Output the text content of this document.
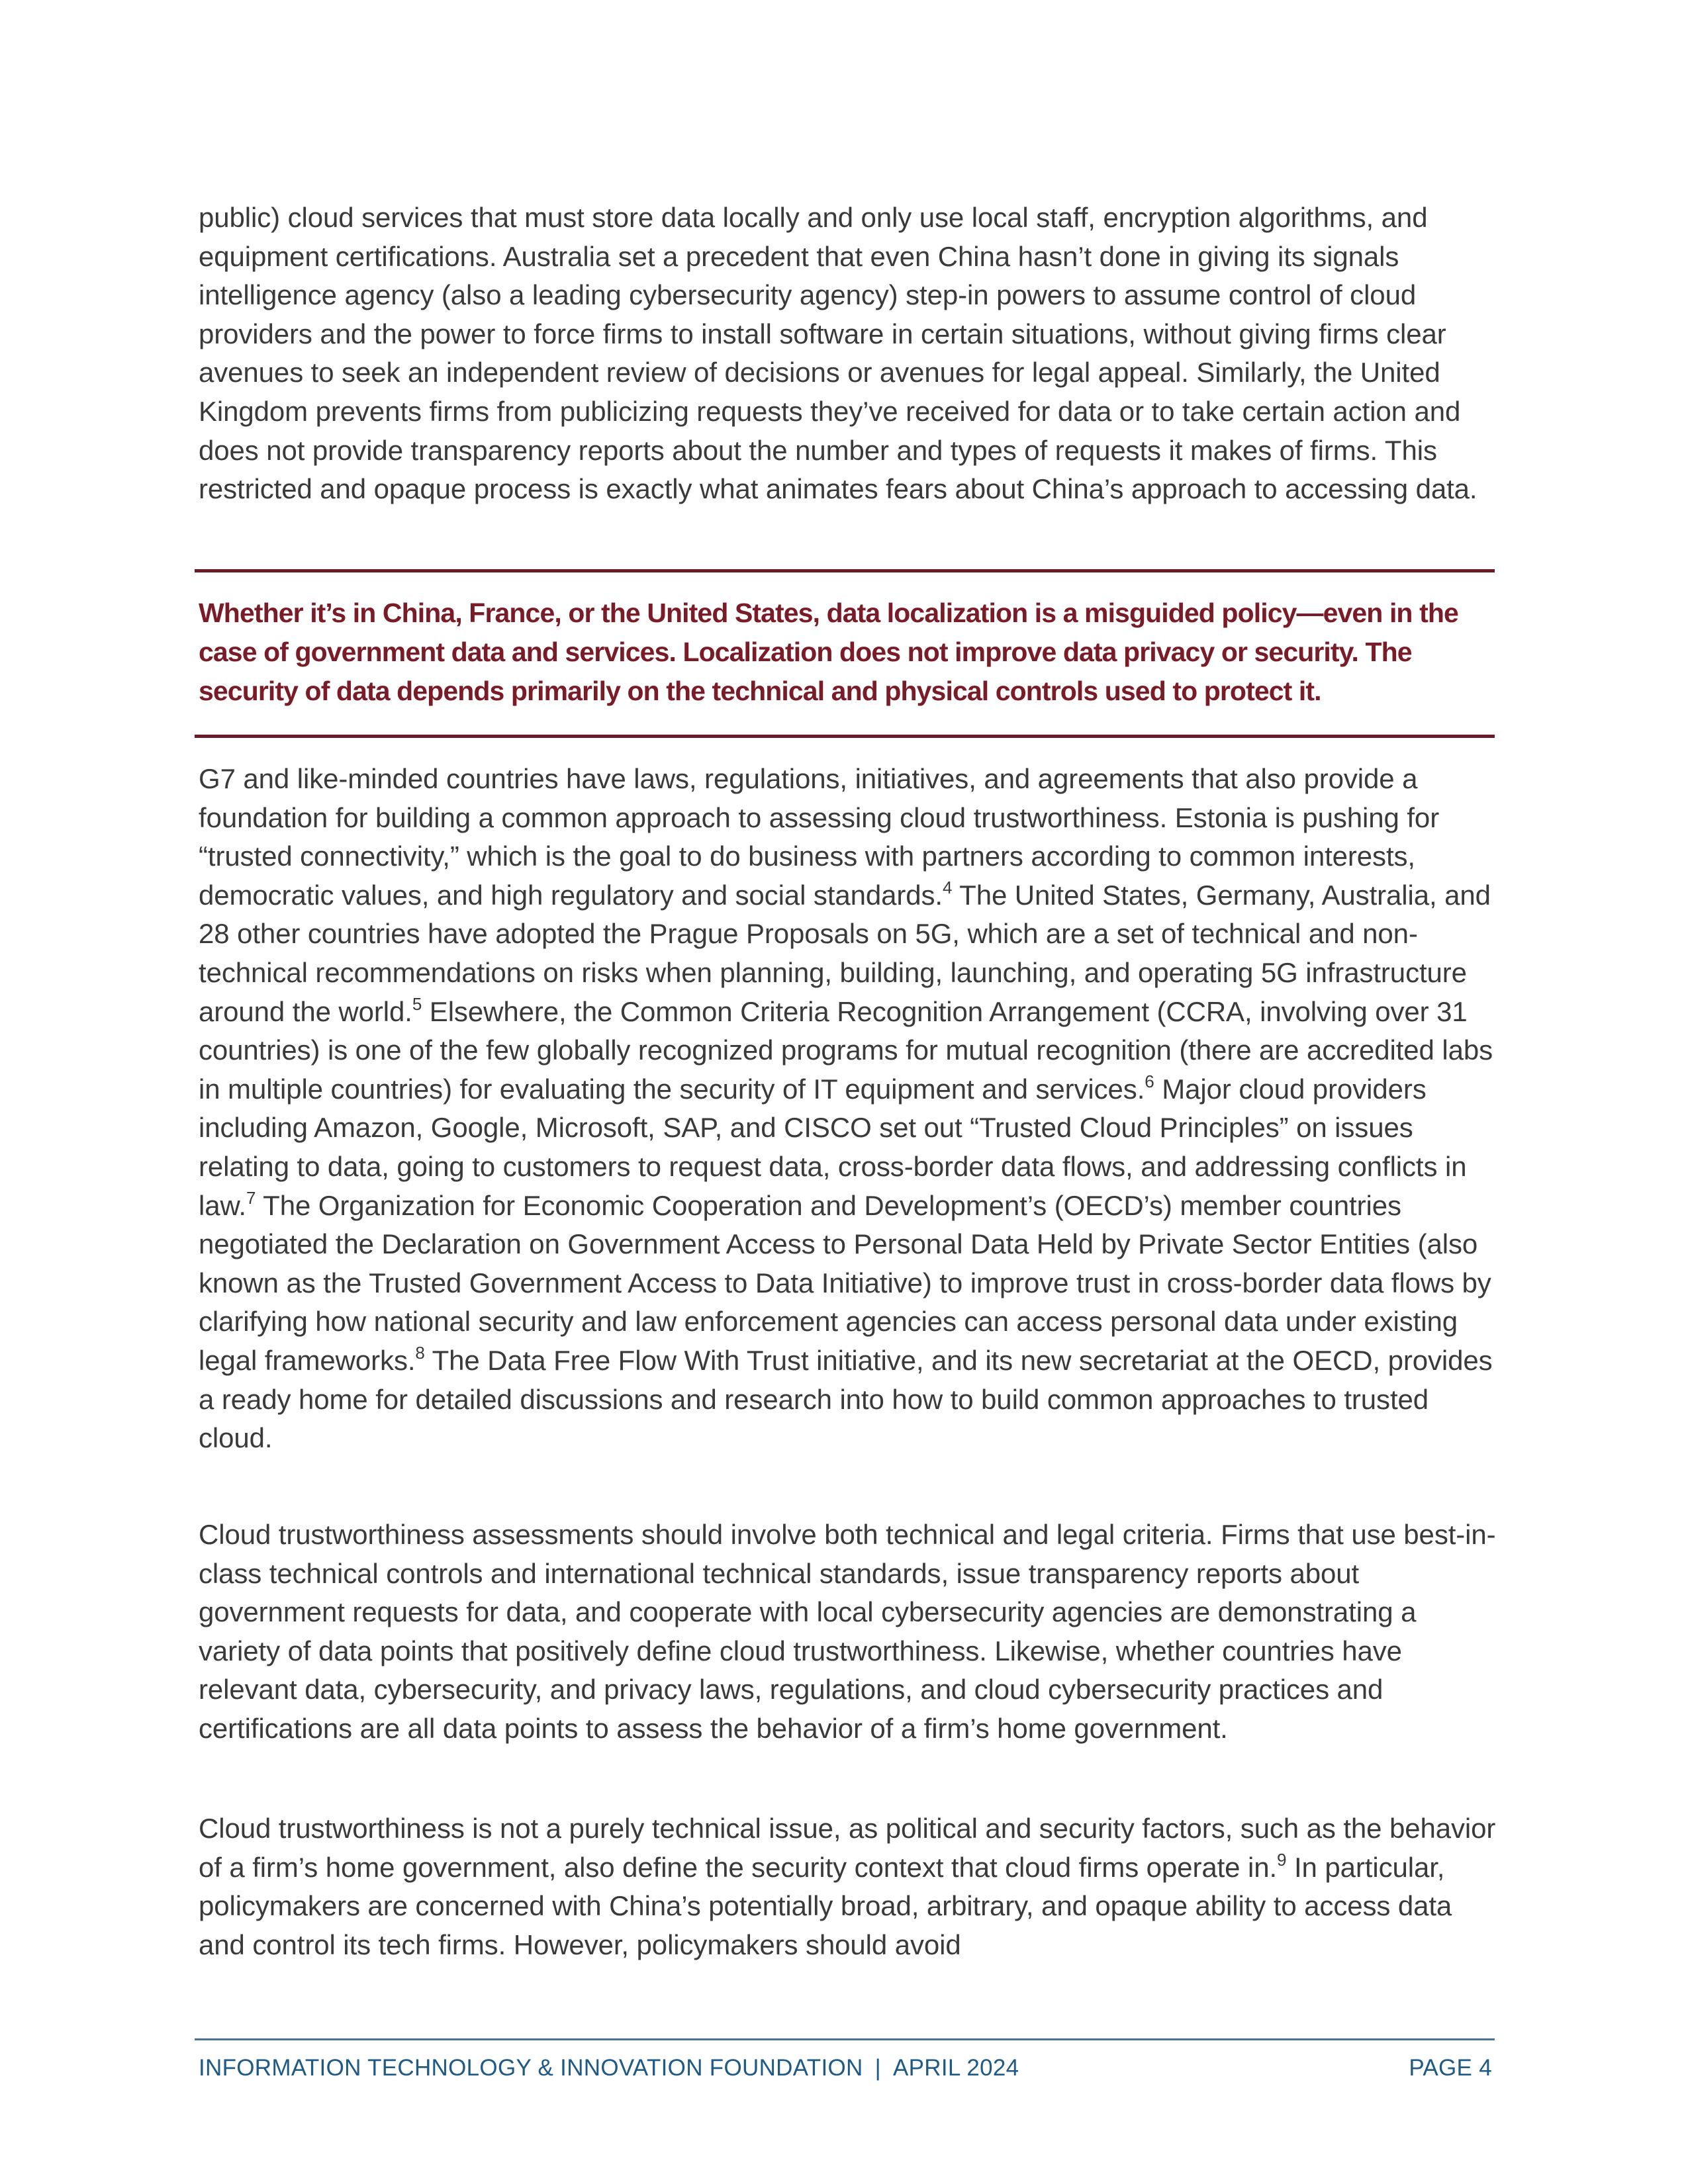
public) cloud services that must store data locally and only use local staff, encryption algorithms, and equipment certifications. Australia set a precedent that even China hasn’t done in giving its signals intelligence agency (also a leading cybersecurity agency) step-in powers to assume control of cloud providers and the power to force firms to install software in certain situations, without giving firms clear avenues to seek an independent review of decisions or avenues for legal appeal. Similarly, the United Kingdom prevents firms from publicizing requests they’ve received for data or to take certain action and does not provide transparency reports about the number and types of requests it makes of firms. This restricted and opaque process is exactly what animates fears about China’s approach to accessing data.

Whether it’s in China, France, or the United States, data localization is a misguided policy—even in the case of government data and services. Localization does not improve data privacy or security. The security of data depends primarily on the technical and physical controls used to protect it.

G7 and like-minded countries have laws, regulations, initiatives, and agreements that also provide a foundation for building a common approach to assessing cloud trustworthiness. Estonia is pushing for “trusted connectivity,” which is the goal to do business with partners according to common interests, democratic values, and high regulatory and social standards.$^4$ The United States, Germany, Australia, and 28 other countries have adopted the Prague Proposals on 5G, which are a set of technical and non-technical recommendations on risks when planning, building, launching, and operating 5G infrastructure around the world.$^5$ Elsewhere, the Common Criteria Recognition Arrangement (CCRA, involving over 31 countries) is one of the few globally recognized programs for mutual recognition (there are accredited labs in multiple countries) for evaluating the security of IT equipment and services.$^6$ Major cloud providers including Amazon, Google, Microsoft, SAP, and CISCO set out “Trusted Cloud Principles” on issues relating to data, going to customers to request data, cross-border data flows, and addressing conflicts in law.$^7$ The Organization for Economic Cooperation and Development’s (OECD’s) member countries negotiated the Declaration on Government Access to Personal Data Held by Private Sector Entities (also known as the Trusted Government Access to Data Initiative) to improve trust in cross-border data flows by clarifying how national security and law enforcement agencies can access personal data under existing legal frameworks.$^8$ The Data Free Flow With Trust initiative, and its new secretariat at the OECD, provides a ready home for detailed discussions and research into how to build common approaches to trusted cloud.

Cloud trustworthiness assessments should involve both technical and legal criteria. Firms that use best-in-class technical controls and international technical standards, issue transparency reports about government requests for data, and cooperate with local cybersecurity agencies are demonstrating a variety of data points that positively define cloud trustworthiness. Likewise, whether countries have relevant data, cybersecurity, and privacy laws, regulations, and cloud cybersecurity practices and certifications are all data points to assess the behavior of a firm’s home government.

Cloud trustworthiness is not a purely technical issue, as political and security factors, such as the behavior of a firm’s home government, also define the security context that cloud firms operate in.$^9$ In particular, policymakers are concerned with China’s potentially broad, arbitrary, and opaque ability to access data and control its tech firms. However, policymakers should avoid

INFORMATION TECHNOLOGY & INNOVATION FOUNDATION | APRIL 2024	PAGE 4
